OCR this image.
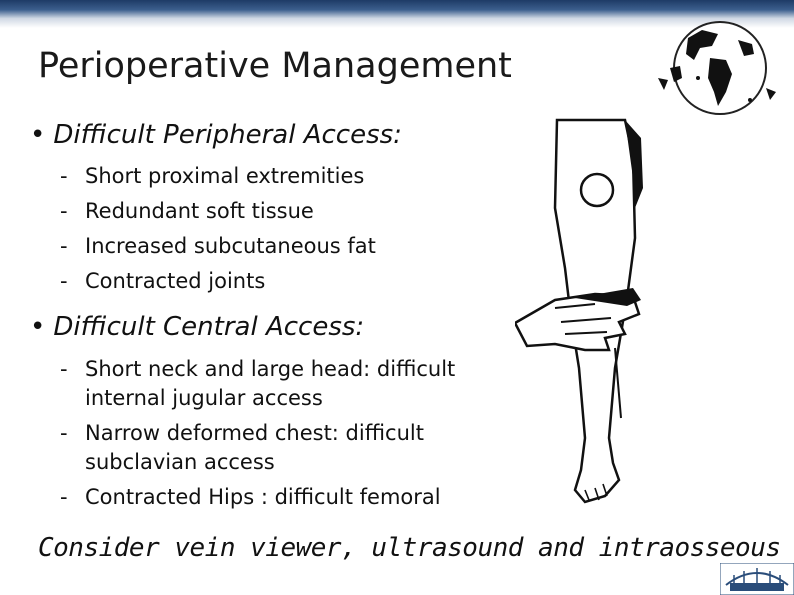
Perioperative Management
• Difficult Peripheral Access:
- Short proximal extremities
- Redundant soft tissue
- Increased subcutaneous fat
- Contracted joints
• Difficult Central Access:
- Short neck and large head: difficult internal jugular access
- Narrow deformed chest: difficult subclavian access
- Contracted Hips : difficult femoral
Consider vein viewer, ultrasound and intraosseous
